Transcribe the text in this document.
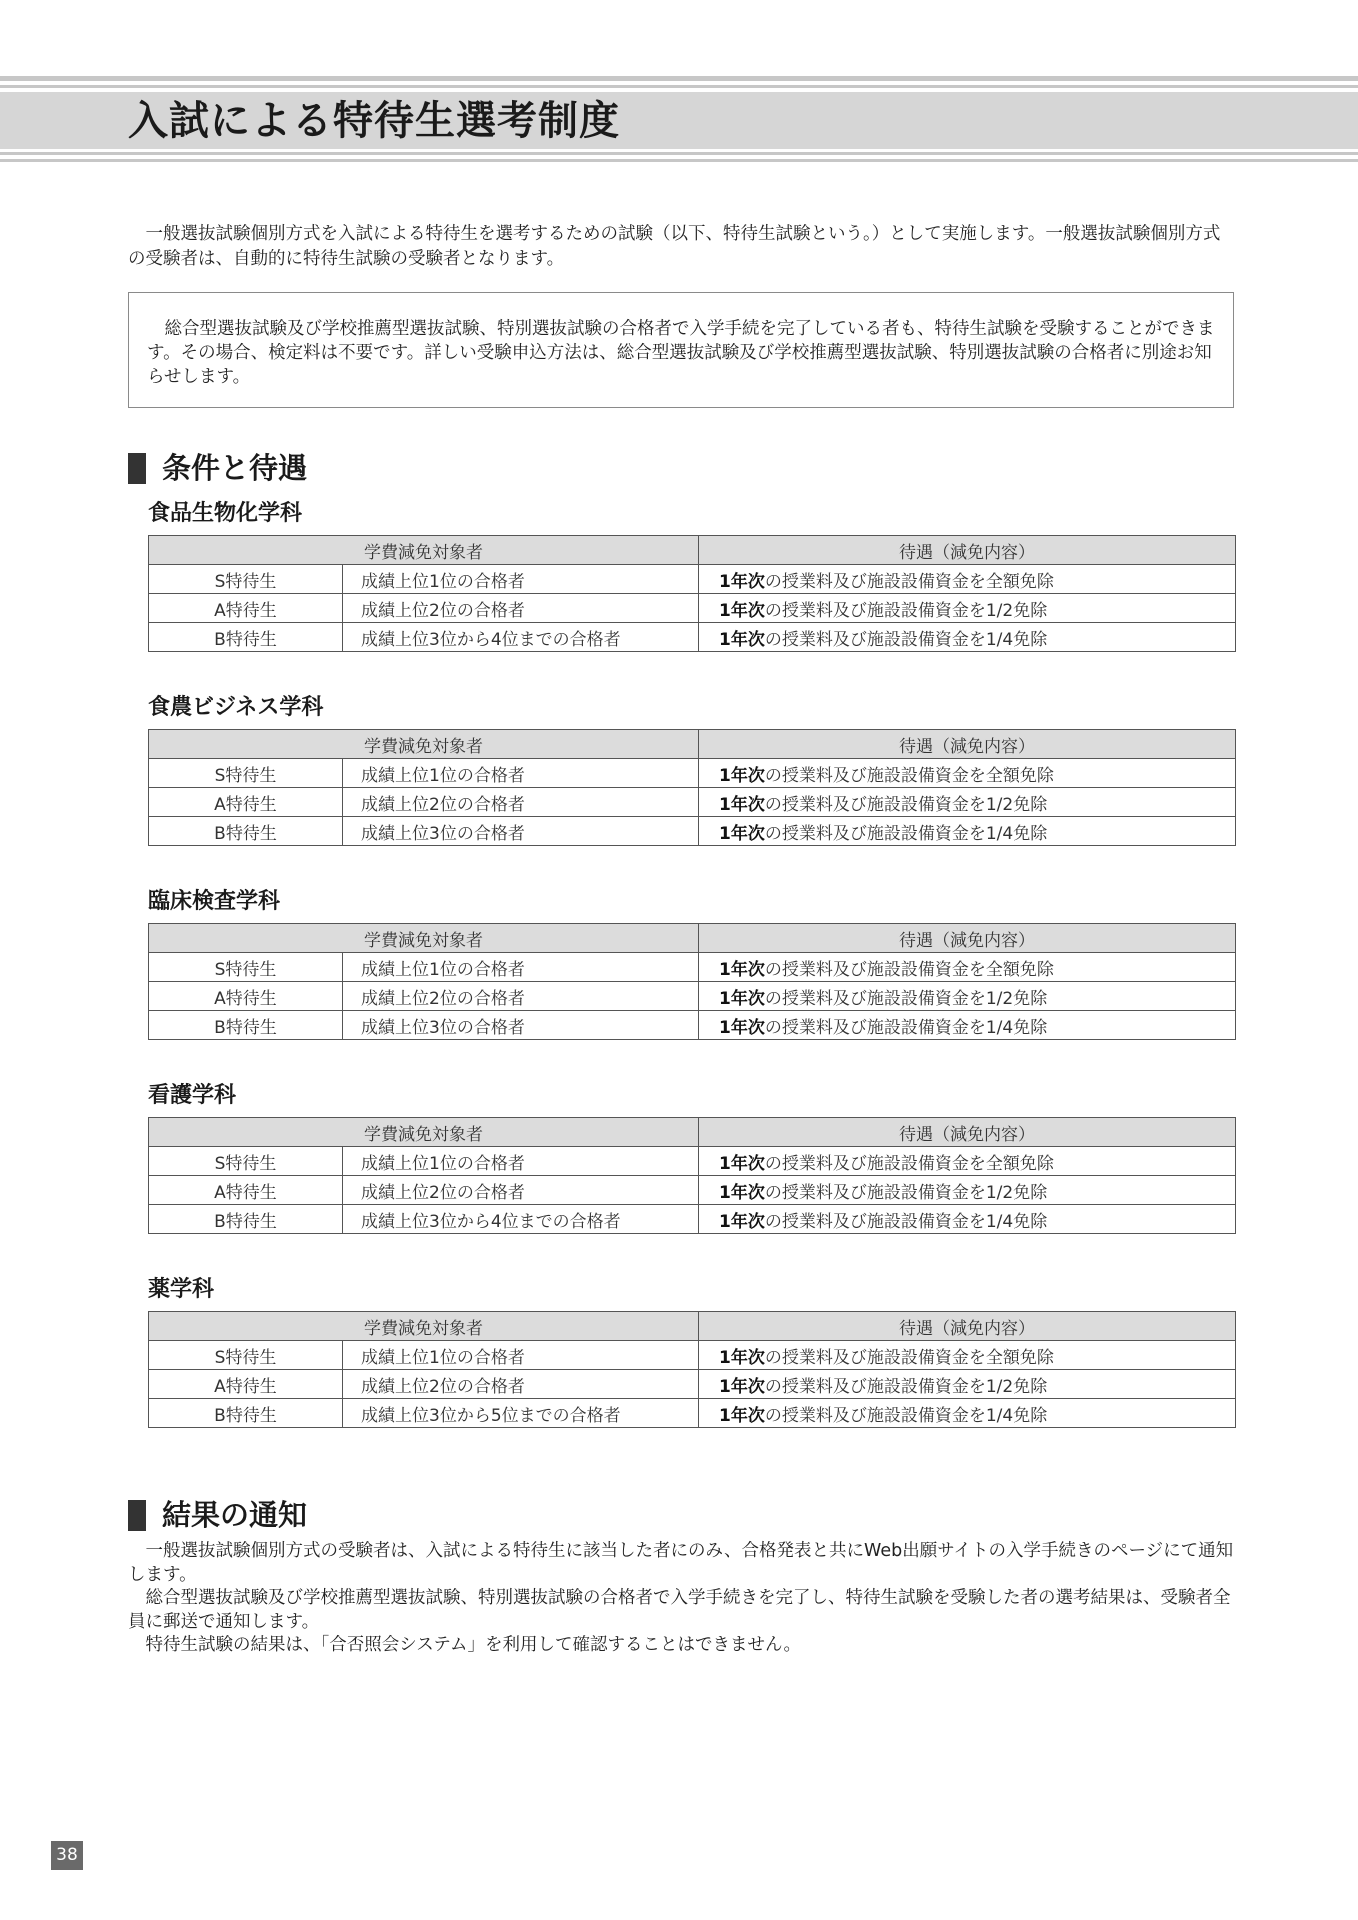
入試による特待生選考制度

一般選抜試験個別方式を入試による特待生を選考するための試験（以下、特待生試験という。）として実施します。一般選抜試験個別方式の受験者は、自動的に特待生試験の受験者となります。

総合型選抜試験及び学校推薦型選抜試験、特別選抜試験の合格者で入学手続を完了している者も、特待生試験を受験することができます。その場合、検定料は不要です。詳しい受験申込方法は、総合型選抜試験及び学校推薦型選抜試験、特別選抜試験の合格者に別途お知らせします。

条件と待遇
食品生物化学科
学費減免対象者		待遇（減免内容）
S特待生	成績上位1位の合格者	1年次の授業料及び施設設備資金を全額免除
A特待生	成績上位2位の合格者	1年次の授業料及び施設設備資金を1/2免除
B特待生	成績上位3位から4位までの合格者	1年次の授業料及び施設設備資金を1/4免除
食農ビジネス学科
学費減免対象者		待遇（減免内容）
S特待生	成績上位1位の合格者	1年次の授業料及び施設設備資金を全額免除
A特待生	成績上位2位の合格者	1年次の授業料及び施設設備資金を1/2免除
B特待生	成績上位3位の合格者	1年次の授業料及び施設設備資金を1/4免除
臨床検査学科
学費減免対象者		待遇（減免内容）
S特待生	成績上位1位の合格者	1年次の授業料及び施設設備資金を全額免除
A特待生	成績上位2位の合格者	1年次の授業料及び施設設備資金を1/2免除
B特待生	成績上位3位の合格者	1年次の授業料及び施設設備資金を1/4免除
看護学科
学費減免対象者		待遇（減免内容）
S特待生	成績上位1位の合格者	1年次の授業料及び施設設備資金を全額免除
A特待生	成績上位2位の合格者	1年次の授業料及び施設設備資金を1/2免除
B特待生	成績上位3位から4位までの合格者	1年次の授業料及び施設設備資金を1/4免除
薬学科
学費減免対象者		待遇（減免内容）
S特待生	成績上位1位の合格者	1年次の授業料及び施設設備資金を全額免除
A特待生	成績上位2位の合格者	1年次の授業料及び施設設備資金を1/2免除
B特待生	成績上位3位から5位までの合格者	1年次の授業料及び施設設備資金を1/4免除
結果の通知

一般選抜試験個別方式の受験者は、入試による特待生に該当した者にのみ、合格発表と共にWeb出願サイトの入学手続きのページにて通知します。

総合型選抜試験及び学校推薦型選抜試験、特別選抜試験の合格者で入学手続きを完了し、特待生試験を受験した者の選考結果は、受験者全員に郵送で通知します。

特待生試験の結果は、「合否照会システム」を利用して確認することはできません。

38
